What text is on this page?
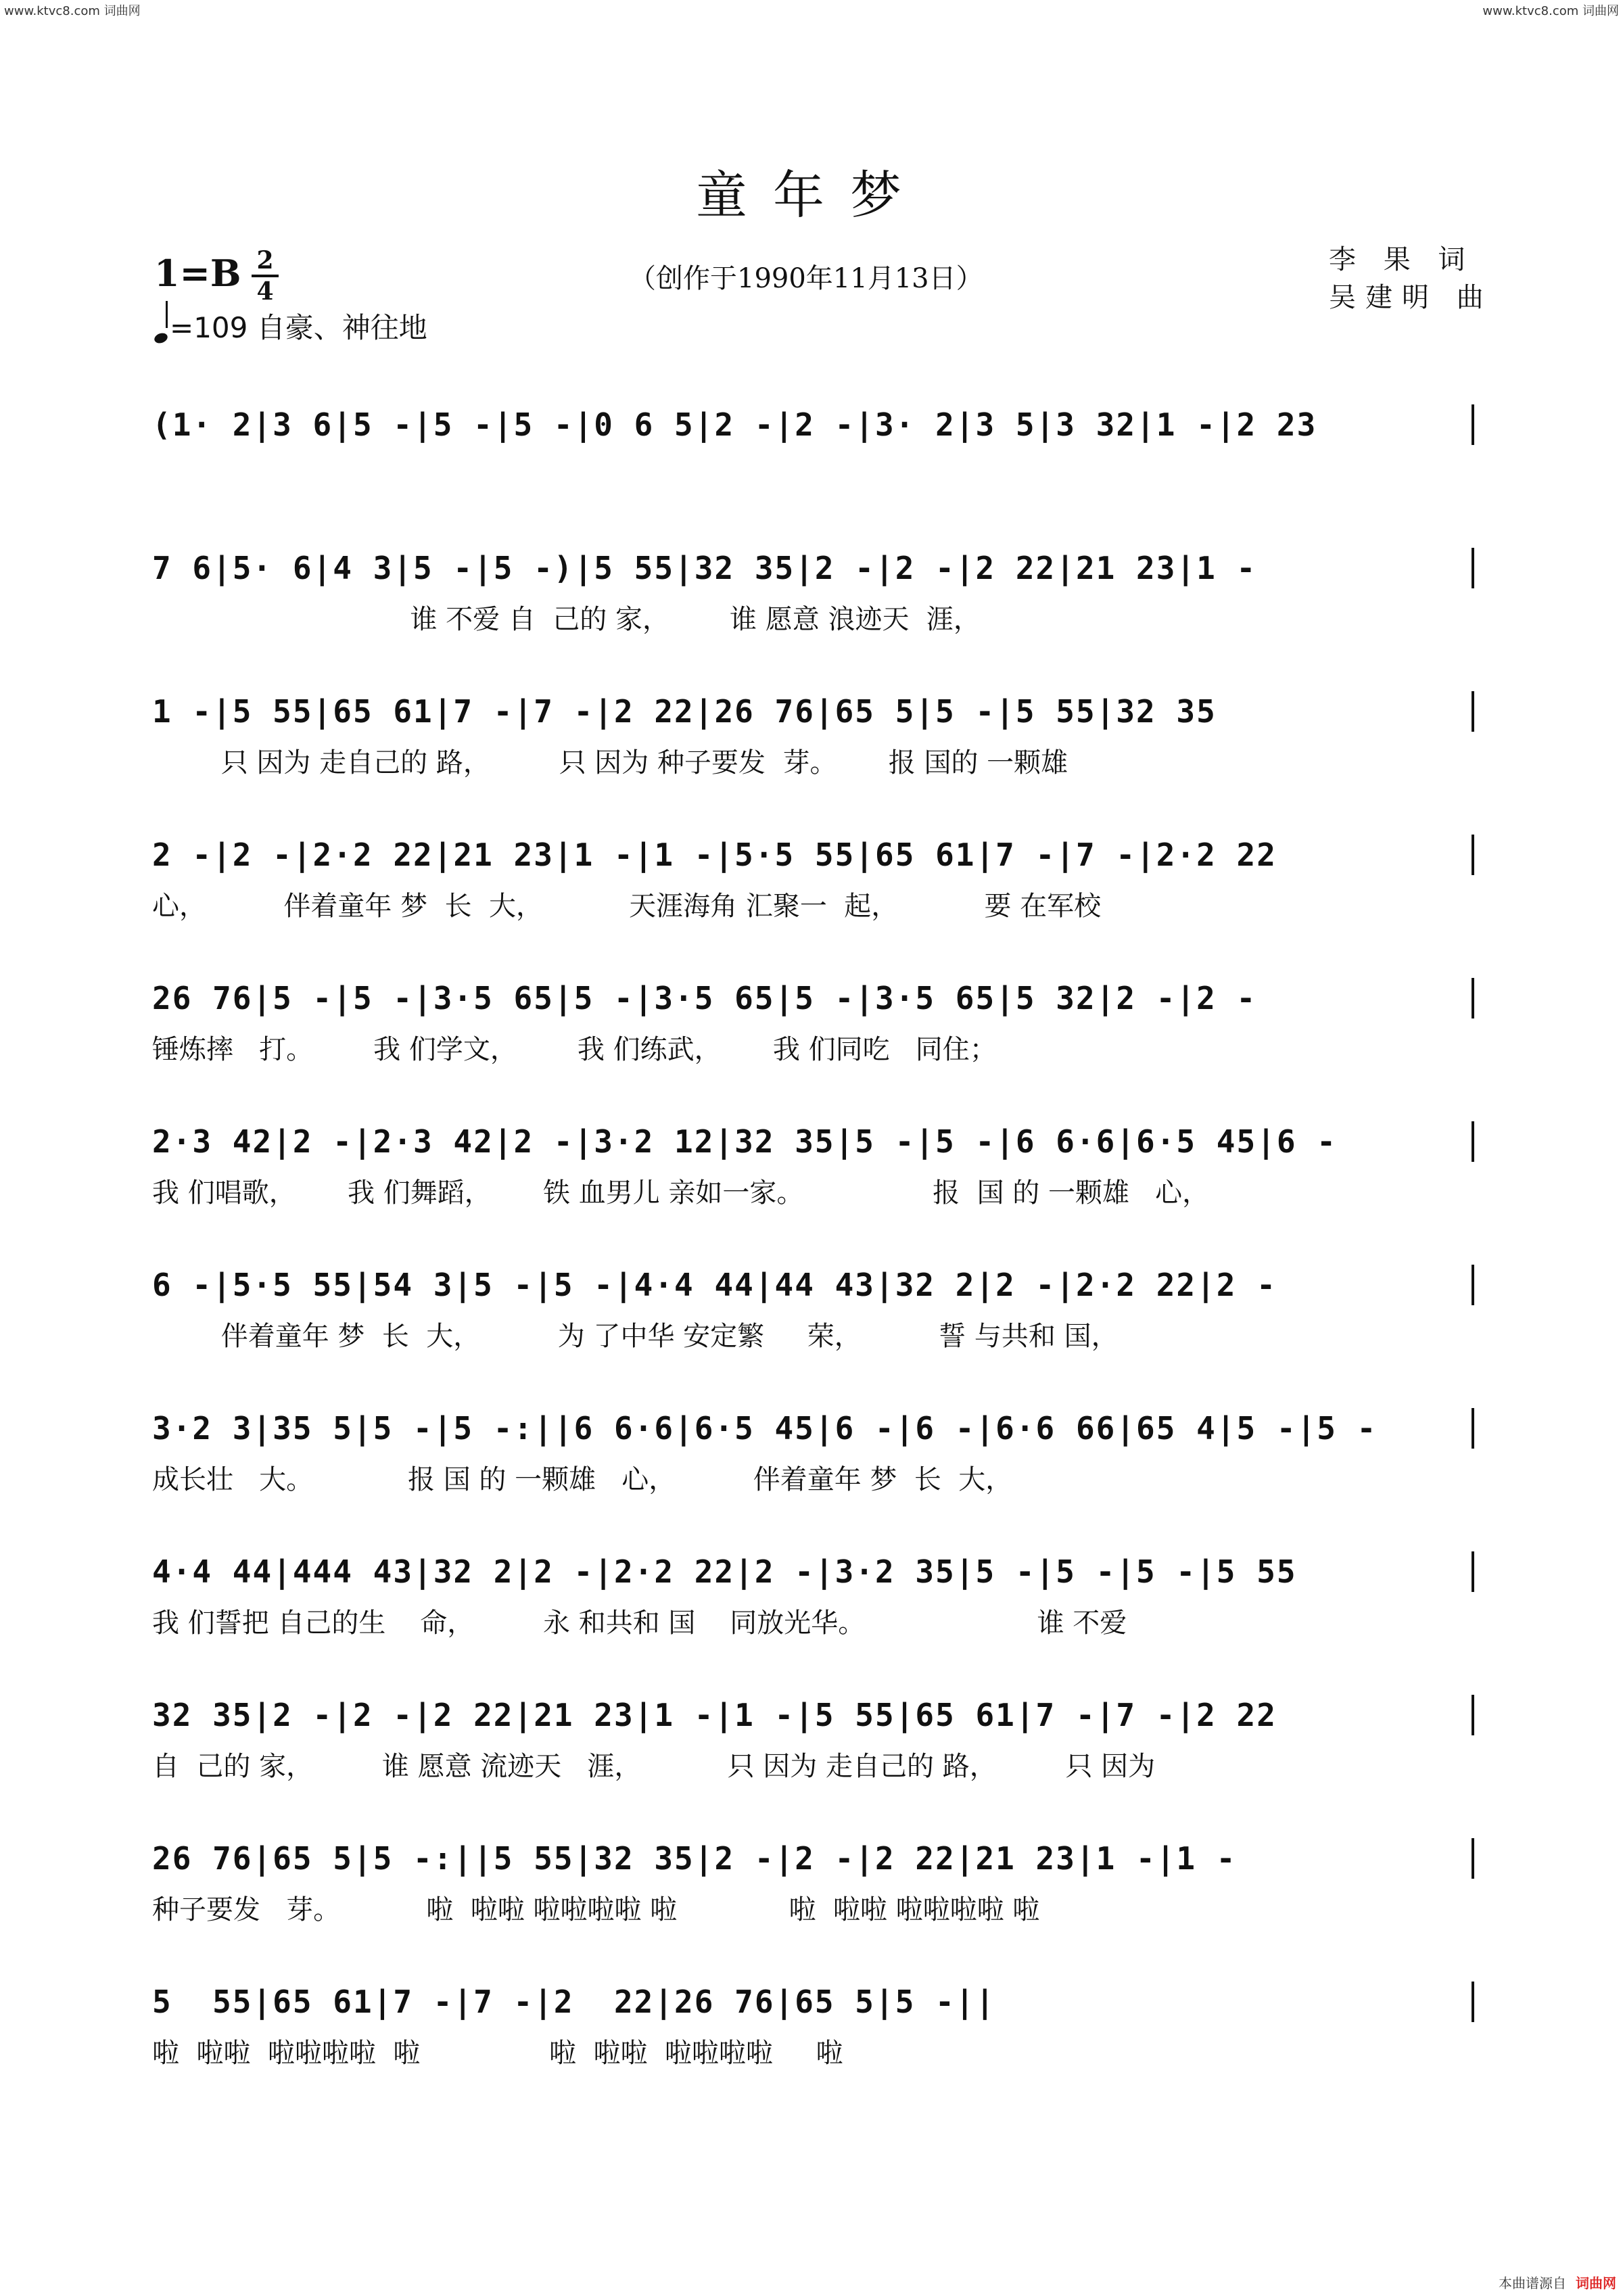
www.ktvc8.com 词曲网	www.ktvc8.com 词曲网
童年梦
1=B 2
4
=109 自豪、神往地
（创作于1990年11月13日）
李 果 词
吴建明 曲
(1· 2|3 6|5 -|5 -|5 -|0 6 5|2 -|2 -|3· 2|3 5|3 32|1 -|2 23
7 6|5· 6|4 3|5 -|5 -)|5 55|32 35|2 -|2 -|2 22|21 23|1 -
谁 不爱 自  己的 家，       谁 愿意 浪迹天  涯，
1 -|5 55|65 61|7 -|7 -|2 22|26 76|65 5|5 -|5 55|32 35
只 因为 走自己的 路，        只 因为 种子要发  芽。      报 国的 一颗雄
2 -|2 -|2·2 22|21 23|1 -|1 -|5·5 55|65 61|7 -|7 -|2·2 22
心，         伴着童年 梦  长  大，          天涯海角 汇聚一  起，          要 在军校
26 76|5 -|5 -|3·5 65|5 -|3·5 65|5 -|3·5 65|5 32|2 -|2 -
锤炼摔   打。       我 们学文，       我 们练武，      我 们同吃   同住；
2·3 42|2 -|2·3 42|2 -|3·2 12|32 35|5 -|5 -|6 6·6|6·5 45|6 -
我 们唱歌，      我 们舞蹈，      铁 血男儿 亲如一家。               报  国 的 一颗雄   心，
6 -|5·5 55|54 3|5 -|5 -|4·4 44|44 43|32 2|2 -|2·2 22|2 -
伴着童年 梦  长  大，         为 了中华 安定繁     荣，         誓 与共和 国，
3·2 3|35 5|5 -|5 -:||6 6·6|6·5 45|6 -|6 -|6·6 66|65 4|5 -|5 -
成长壮   大。           报 国 的 一颗雄   心，         伴着童年 梦  长  大，
4·4 44|444 43|32 2|2 -|2·2 22|2 -|3·2 35|5 -|5 -|5 -|5 55
我 们誓把 自己的生    命，        永 和共和 国    同放光华。                    谁 不爱
32 35|2 -|2 -|2 22|21 23|1 -|1 -|5 55|65 61|7 -|7 -|2 22
自  己的 家，        谁 愿意 流迹天   涯，          只 因为 走自己的 路，        只 因为
26 76|65 5|5 -:||5 55|32 35|2 -|2 -|2 22|21 23|1 -|1 -
种子要发   芽。          啦  啦啦 啦啦啦啦 啦             啦  啦啦 啦啦啦啦 啦
5  55|65 61|7 -|7 -|2  22|26 76|65 5|5 -||
啦  啦啦  啦啦啦啦  啦               啦  啦啦  啦啦啦啦     啦
本曲谱源自 词曲网
